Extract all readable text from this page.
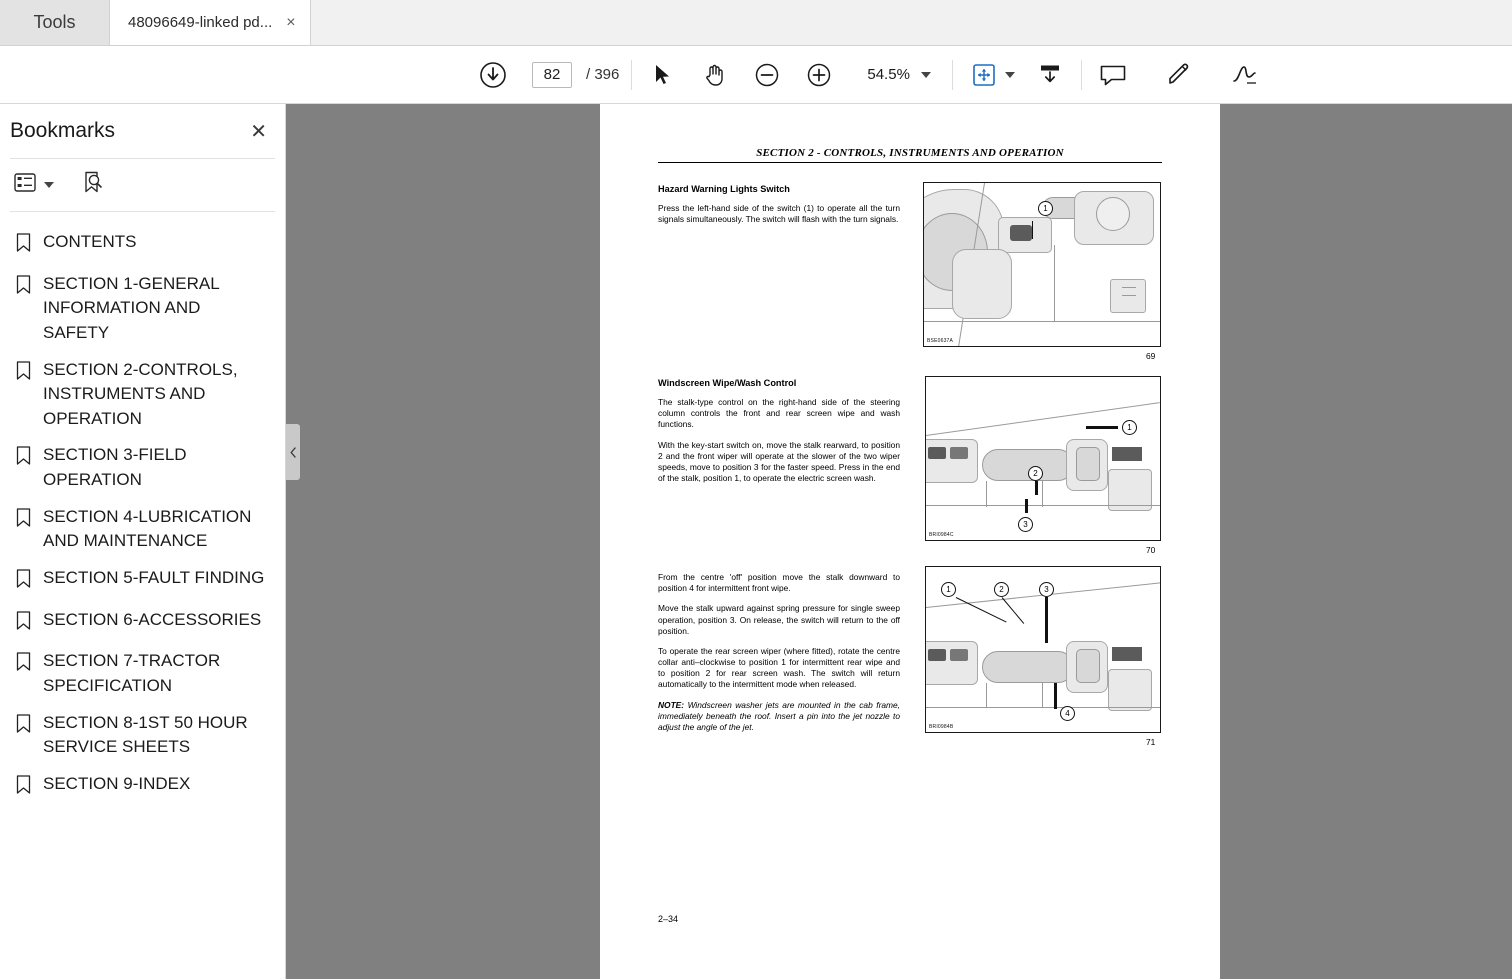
Tools	48096649-linked pd... ×
82 / 396	54.5%
Bookmarks	✕
CONTENTS
SECTION 1-GENERAL INFORMATION AND SAFETY
SECTION 2-CONTROLS, INSTRUMENTS AND OPERATION
SECTION 3-FIELD OPERATION
SECTION 4-LUBRICATION AND MAINTENANCE
SECTION 5-FAULT FINDING
SECTION 6-ACCESSORIES
SECTION 7-TRACTOR SPECIFICATION
SECTION 8-1ST 50 HOUR SERVICE SHEETS
SECTION 9-INDEX
SECTION 2 - CONTROLS, INSTRUMENTS AND OPERATION
Hazard Warning Lights Switch
Press the left-hand side of the switch (1) to operate all the turn signals simultaneously. The switch will flash with the turn signals.
1
BSE0637A
69
Windscreen Wipe/Wash Control
The stalk-type control on the right-hand side of the steering column controls the front and rear screen wipe and wash functions.
With the key-start switch on, move the stalk rearward, to position 2 and the front wiper will operate at the slower of the two wiper speeds, move to position 3 for the faster speed. Press in the end of the stalk, position 1, to operate the electric screen wash.
1
2
3
BRI0984C
70
From the centre 'off' position move the stalk downward to position 4 for intermittent front wipe.
Move the stalk upward against spring pressure for single sweep operation, position 3. On release, the switch will return to the off position.
To operate the rear screen wiper (where fitted), rotate the centre collar anti–clockwise to position 1 for intermittent rear wipe and to position 2 for rear screen wash. The switch will return automatically to the intermittent mode when released.
NOTE: Windscreen washer jets are mounted in the cab frame, immediately beneath the roof. Insert a pin into the jet nozzle to adjust the angle of the jet.
1	2	3
4
BRI0984B
71
2–34
